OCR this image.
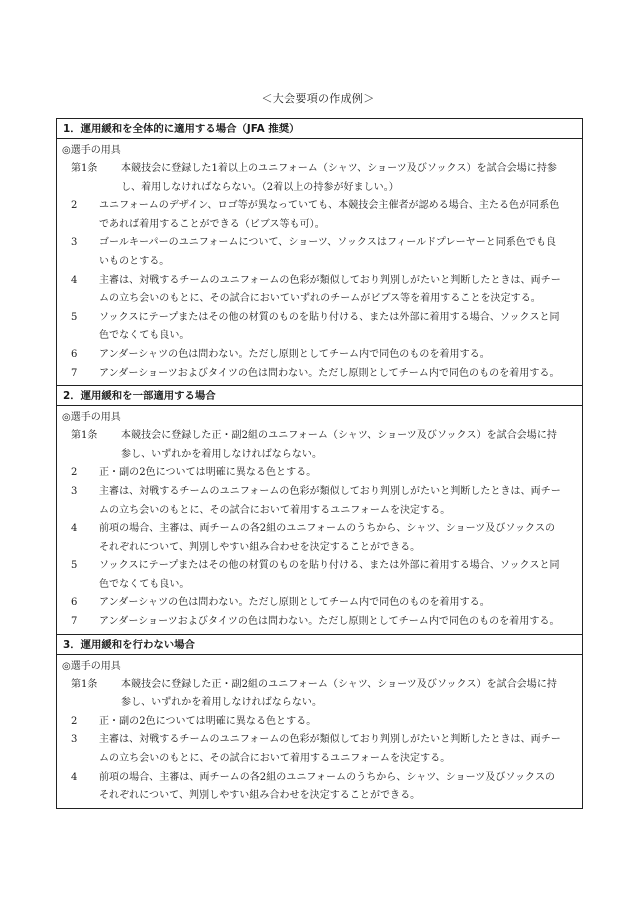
＜大会要項の作成例＞
1．運用緩和を全体的に適用する場合（JFA 推奨）
◎選手の用具
第1条	本競技会に登録した1着以上のユニフォーム（シャツ、ショーツ及びソックス）を試合会場に持参
し、着用しなければならない。（2着以上の持参が好ましい。）
2	ユニフォームのデザイン、ロゴ等が異なっていても、本競技会主催者が認める場合、主たる色が同系色
であれば着用することができる（ビブス等も可）。
3	ゴールキーパーのユニフォームについて、ショーツ、ソックスはフィールドプレーヤーと同系色でも良
いものとする。
4	主審は、対戦するチームのユニフォームの色彩が類似しており判別しがたいと判断したときは、両チー
ムの立ち会いのもとに、その試合においていずれのチームがビブス等を着用することを決定する。
5	ソックスにテープまたはその他の材質のものを貼り付ける、または外部に着用する場合、ソックスと同
色でなくても良い。
6	アンダーシャツの色は問わない。ただし原則としてチーム内で同色のものを着用する。
7	アンダーショーツおよびタイツの色は問わない。ただし原則としてチーム内で同色のものを着用する。
2．運用緩和を一部適用する場合
◎選手の用具
第1条	本競技会に登録した正・副2組のユニフォーム（シャツ、ショーツ及びソックス）を試合会場に持
参し、いずれかを着用しなければならない。
2	正・副の2色については明確に異なる色とする。
3	主審は、対戦するチームのユニフォームの色彩が類似しており判別しがたいと判断したときは、両チー
ムの立ち会いのもとに、その試合において着用するユニフォームを決定する。
4	前項の場合、主審は、両チームの各2組のユニフォームのうちから、シャツ、ショーツ及びソックスの
それぞれについて、判別しやすい組み合わせを決定することができる。
5	ソックスにテープまたはその他の材質のものを貼り付ける、または外部に着用する場合、ソックスと同
色でなくても良い。
6	アンダーシャツの色は問わない。ただし原則としてチーム内で同色のものを着用する。
7	アンダーショーツおよびタイツの色は問わない。ただし原則としてチーム内で同色のものを着用する。
3．運用緩和を行わない場合
◎選手の用具
第1条	本競技会に登録した正・副2組のユニフォーム（シャツ、ショーツ及びソックス）を試合会場に持
参し、いずれかを着用しなければならない。
2	正・副の2色については明確に異なる色とする。
3	主審は、対戦するチームのユニフォームの色彩が類似しており判別しがたいと判断したときは、両チー
ムの立ち会いのもとに、その試合において着用するユニフォームを決定する。
4	前項の場合、主審は、両チームの各2組のユニフォームのうちから、シャツ、ショーツ及びソックスの
それぞれについて、判別しやすい組み合わせを決定することができる。
